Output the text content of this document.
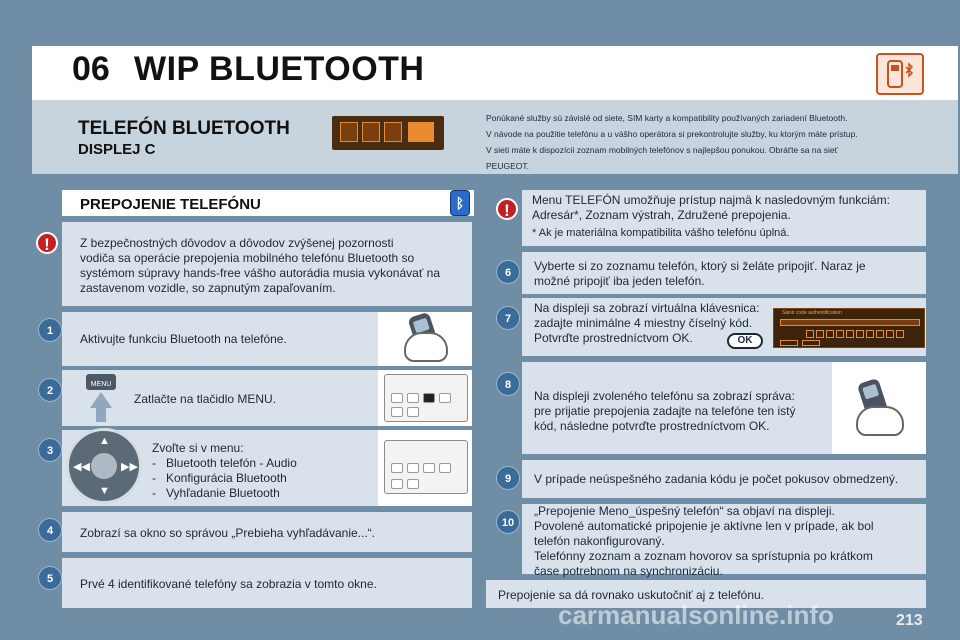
06 WIP BLUETOOTH
TELEFÓN BLUETOOTH
DISPLEJ C
Ponúkané služby sú závislé od siete, SIM karty a kompatibility používaných zariadení Bluetooth.
V návode na použitie telefónu a u vášho operátora si prekontrolujte služby, ku ktorým máte prístup.
V sieti máte k dispozícii zoznam mobilných telefónov s najlepšou ponukou. Obráťte sa na sieť
PEUGEOT.
PREPOJENIE TELEFÓNU	ᛒ
!	Z bezpečnostných dôvodov a dôvodov zvýšenej pozornosti
vodiča sa operácie prepojenia mobilného telefónu Bluetooth so
systémom súpravy hands-free vášho autorádia musia vykonávať na
zastavenom vozidle, so zapnutým zapaľovaním.
1
Aktivujte funkciu Bluetooth na telefóne.
2
MENU
Zatlačte na tlačidlo MENU.
3
▲
▼
◀◀	▶▶
Zvoľte si v menu:
-   Bluetooth telefón - Audio
-   Konfigurácia Bluetooth
-   Vyhľadanie Bluetooth
4	Zobrazí sa okno so správou „Prebieha vyhľadávanie...“.
5	Prvé 4 identifikované telefóny sa zobrazia v tomto okne.
!
Menu TELEFÓN umožňuje prístup najmä k nasledovným funkciám:
Adresár*, Zoznam výstrah, Združené prepojenia.
* Ak je materiálna kompatibilita vášho telefónu úplná.
6	Vyberte si zo zoznamu telefón, ktorý si želáte pripojiť. Naraz je
možné pripojiť iba jeden telefón.
7
Na displeji sa zobrazí virtuálna klávesnica:
zadajte minimálne 4 miestny číselný kód.
Potvrďte prostredníctvom OK.	OK
Saisir code authentification
8
Na displeji zvoleného telefónu sa zobrazí správa:
pre prijatie prepojenia zadajte na telefóne ten istý
kód, následne potvrďte prostredníctvom OK.
9	V prípade neúspešného zadania kódu je počet pokusov obmedzený.
10
„Prepojenie Meno_úspešný telefón“ sa objaví na displeji.
Povolené automatické pripojenie je aktívne len v prípade, ak bol
telefón nakonfigurovaný.
Telefónny zoznam a zoznam hovorov sa sprístupnia po krátkom
čase potrebnom na synchronizáciu.
Prepojenie sa dá rovnako uskutočniť aj z telefónu.
carmanualsonline.info	213
